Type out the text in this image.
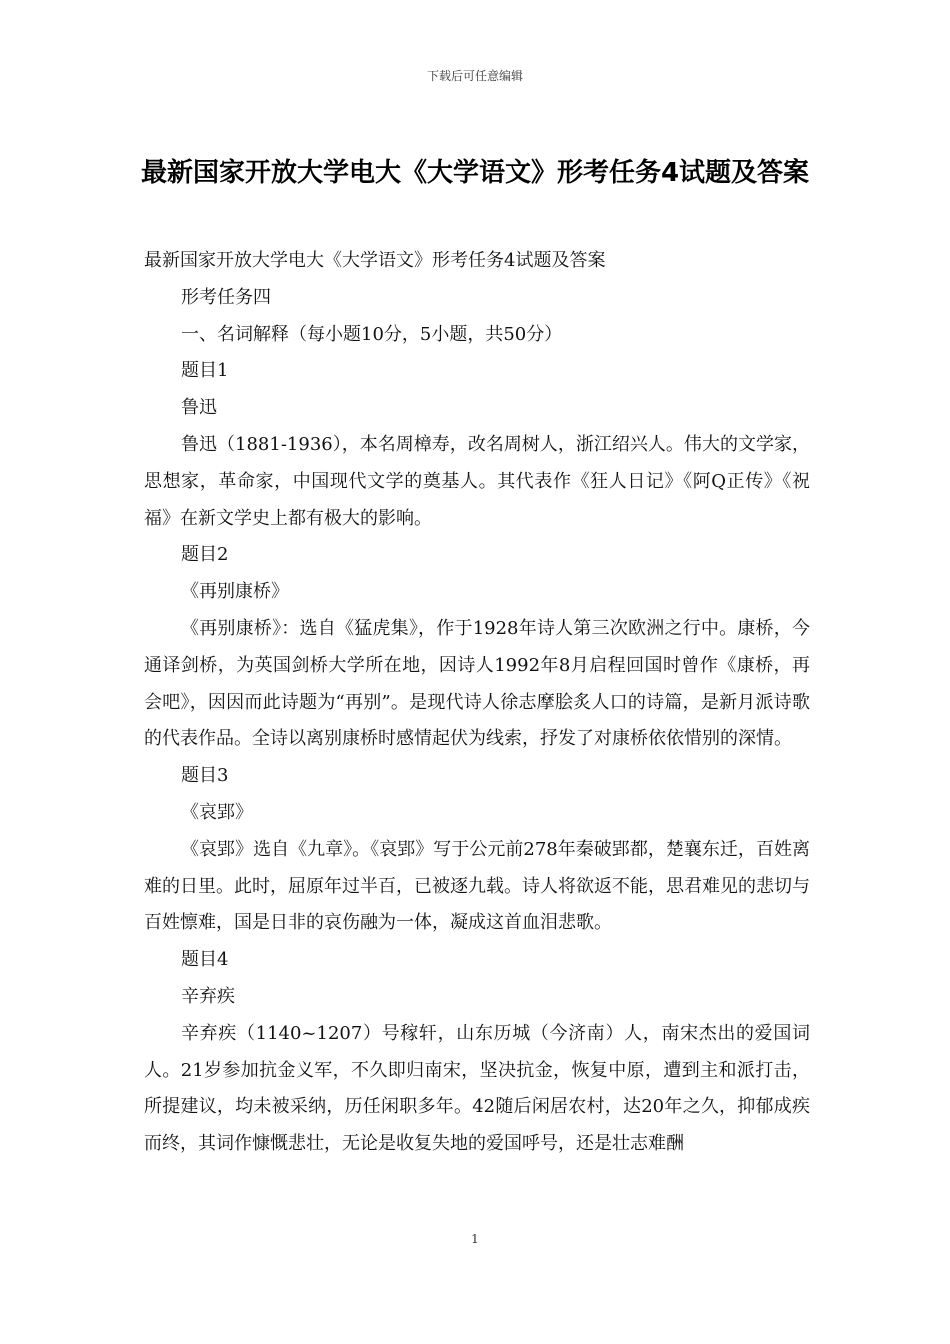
下载后可任意编辑
最新国家开放大学电大《大学语文》形考任务4试题及答案

最新国家开放大学电大《大学语文》形考任务4试题及答案

形考任务四

一、名词解释（每小题10分，5小题，共50分）

题目1

鲁迅

鲁迅（1881-1936），本名周樟寿，改名周树人，浙江绍兴人。伟大的文学家，思想家，革命家，中国现代文学的奠基人。其代表作《狂人日记》《阿Q正传》《祝福》在新文学史上都有极大的影响。

题目2

《再别康桥》

《再别康桥》：选自《猛虎集》，作于1928年诗人第三次欧洲之行中。康桥，今通译剑桥，为英国剑桥大学所在地，因诗人1992年8月启程回国时曾作《康桥，再会吧》，因因而此诗题为“再别”。是现代诗人徐志摩脍炙人口的诗篇，是新月派诗歌的代表作品。全诗以离别康桥时感情起伏为线索，抒发了对康桥依依惜别的深情。

题目3

《哀郢》

《哀郢》选自《九章》。《哀郢》写于公元前278年秦破郢都，楚襄东迁，百姓离难的日里。此时，屈原年过半百，已被逐九载。诗人将欲返不能，思君难见的悲切与百姓懔难，国是日非的哀伤融为一体，凝成这首血泪悲歌。

题目4

辛弃疾

辛弃疾（1140~1207）号稼轩，山东历城（今济南）人，南宋杰出的爱国词人。21岁参加抗金义军，不久即归南宋，坚决抗金，恢复中原，遭到主和派打击，所提建议，均未被采纳，历任闲职多年。42随后闲居农村，达20年之久，抑郁成疾而终，其词作慷慨悲壮，无论是收复失地的爱国呼号，还是壮志难酬

1
